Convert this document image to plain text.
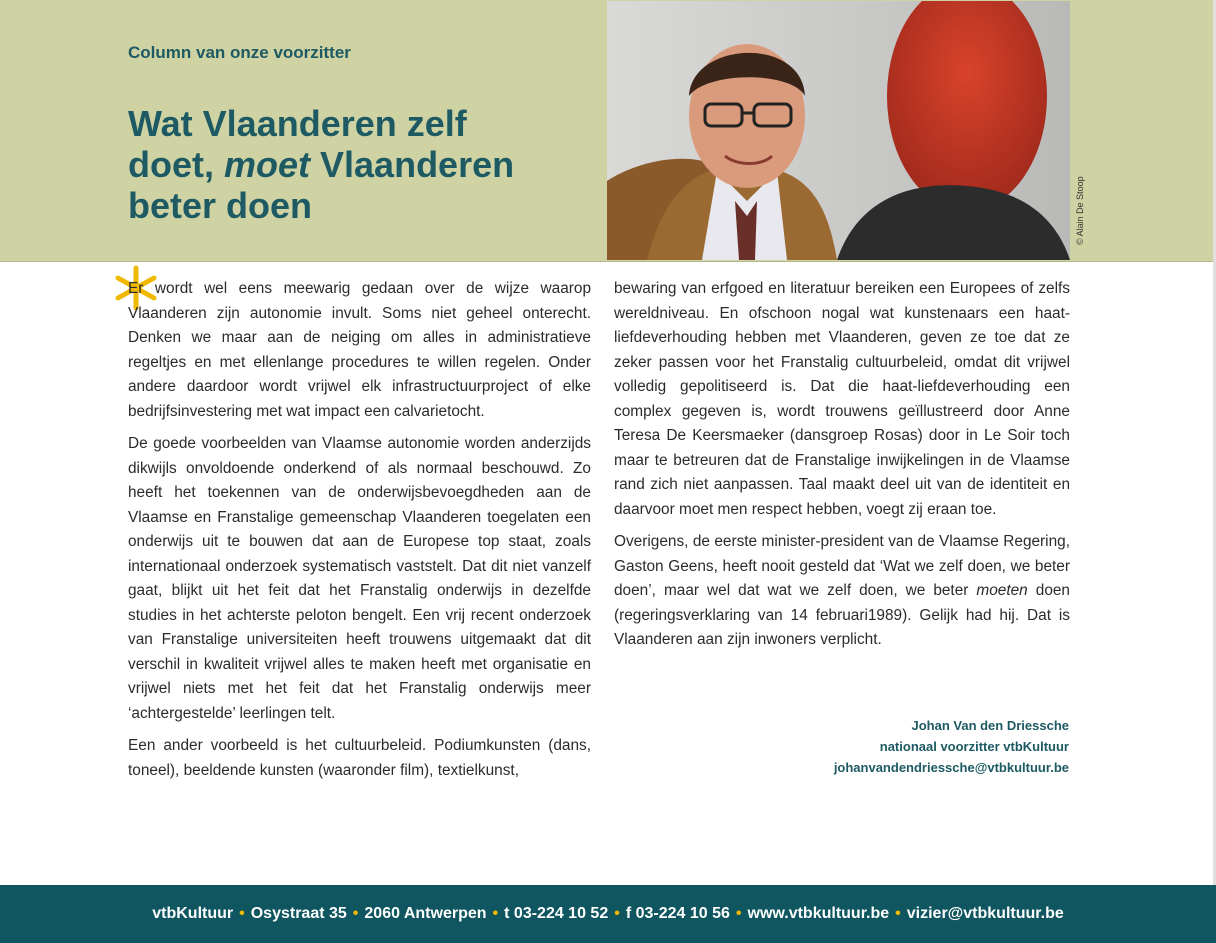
Column van onze voorzitter
Wat Vlaanderen zelf
doet, moet Vlaanderen
beter doen	© Alain De Stoop

Er wordt wel eens meewarig gedaan over de wijze waarop Vlaanderen zijn autonomie invult. Soms niet geheel onterecht. Denken we maar aan de neiging om alles in administratieve regeltjes en met ellenlange procedures te willen regelen. Onder andere daardoor wordt vrijwel elk infrastructuurproject of elke bedrijfsinvestering met wat impact een calvarietocht.

De goede voorbeelden van Vlaamse autonomie worden anderzijds dikwijls onvoldoende onderkend of als normaal beschouwd. Zo heeft het toekennen van de onderwijsbevoegdheden aan de Vlaamse en Franstalige gemeenschap Vlaanderen toegelaten een onderwijs uit te bouwen dat aan de Europese top staat, zoals internationaal onderzoek systematisch vaststelt. Dat dit niet vanzelf gaat, blijkt uit het feit dat het Franstalig onderwijs in dezelfde studies in het achterste peloton bengelt. Een vrij recent onderzoek van Franstalige universiteiten heeft trouwens uitgemaakt dat dit verschil in kwaliteit vrijwel alles te maken heeft met organisatie en vrijwel niets met het feit dat het Franstalig onderwijs meer ‘achtergestelde’ leerlingen telt.

Een ander voorbeeld is het cultuurbeleid. Podiumkunsten (dans, toneel), beeldende kunsten (waaronder film), textielkunst,

bewaring van erfgoed en literatuur bereiken een Europees of zelfs wereldniveau. En ofschoon nogal wat kunstenaars een haat-liefdeverhouding hebben met Vlaanderen, geven ze toe dat ze zeker passen voor het Franstalig cultuurbeleid, omdat dit vrijwel volledig gepolitiseerd is. Dat die haat-liefdeverhouding een complex gegeven is, wordt trouwens geïllustreerd door Anne Teresa De Keersmaeker (dansgroep Rosas) door in Le Soir toch maar te betreuren dat de Franstalige inwijkelingen in de Vlaamse rand zich niet aanpassen. Taal maakt deel uit van de identiteit en daarvoor moet men respect hebben, voegt zij eraan toe.

Overigens, de eerste minister-president van de Vlaamse Regering, Gaston Geens, heeft nooit gesteld dat ‘Wat we zelf doen, we beter doen’, maar wel dat wat we zelf doen, we beter moeten doen (regeringsverklaring van 14 februari1989). Gelijk had hij. Dat is Vlaanderen aan zijn inwoners verplicht.

Johan Van den Driessche
nationaal voorzitter vtbKultuur
johanvandendriessche@vtbkultuur.be
vtbKultuur • Osystraat 35 • 2060 Antwerpen • t 03-224 10 52 • f 03-224 10 56 • www.vtbkultuur.be • vizier@vtbkultuur.be
